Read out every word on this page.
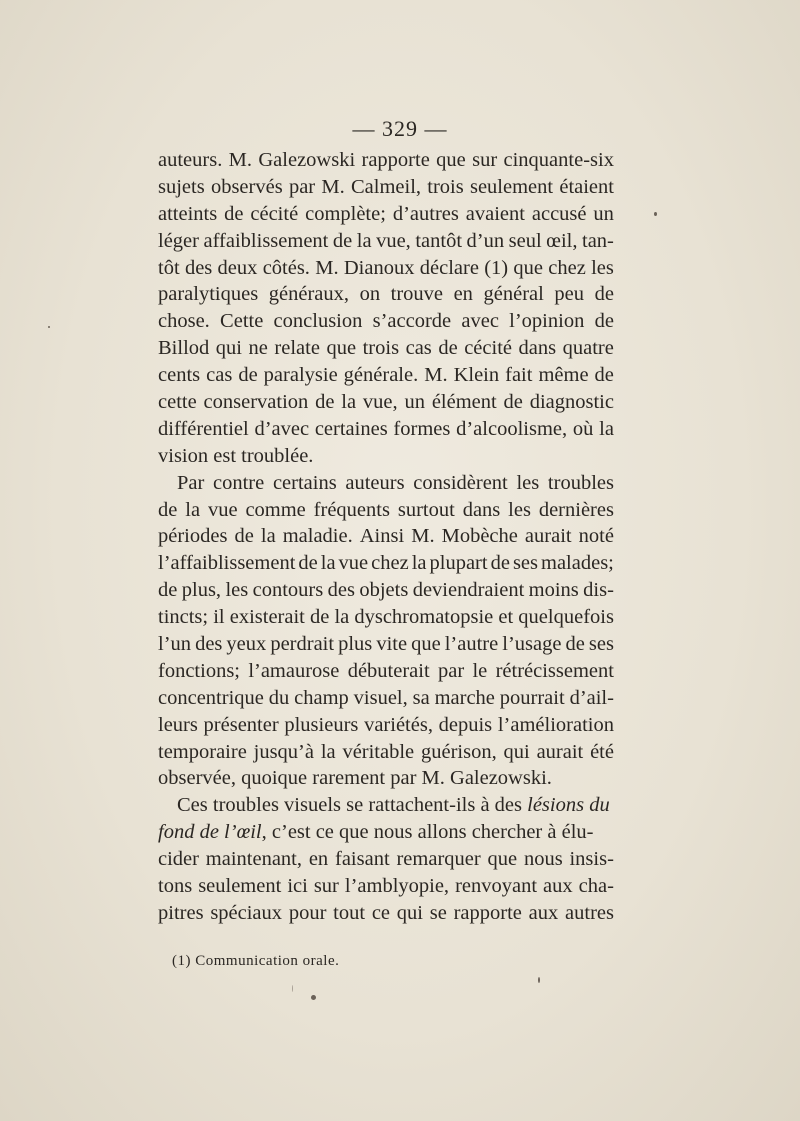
— 329 —
auteurs. M. Galezowski rapporte que sur cinquante-six
sujets observés par M. Calmeil, trois seulement étaient
atteints de cécité complète; d’autres avaient accusé un
léger affaiblissement de la vue, tantôt d’un seul œil, tan-
tôt des deux côtés. M. Dianoux déclare (1) que chez les
paralytiques généraux, on trouve en général peu de
chose. Cette conclusion s’accorde avec l’opinion de
Billod qui ne relate que trois cas de cécité dans quatre
cents cas de paralysie générale. M. Klein fait même de
cette conservation de la vue, un élément de diagnostic
différentiel d’avec certaines formes d’alcoolisme, où la
vision est troublée.
Par contre certains auteurs considèrent les troubles
de la vue comme fréquents surtout dans les dernières
périodes de la maladie. Ainsi M. Mobèche aurait noté
l’affaiblissement de la vue chez la plupart de ses malades;
de plus, les contours des objets deviendraient moins dis-
tincts; il existerait de la dyschromatopsie et quelquefois
l’un des yeux perdrait plus vite que l’autre l’usage de ses
fonctions; l’amaurose débuterait par le rétrécissement
concentrique du champ visuel, sa marche pourrait d’ail-
leurs présenter plusieurs variétés, depuis l’amélioration
temporaire jusqu’à la véritable guérison, qui aurait été
observée, quoique rarement par M. Galezowski.
Ces troubles visuels se rattachent-ils à des lésions du
fond de l’œil, c’est ce que nous allons chercher à élu-
cider maintenant, en faisant remarquer que nous insis-
tons seulement ici sur l’amblyopie, renvoyant aux cha-
pitres spéciaux pour tout ce qui se rapporte aux autres
(1) Communication orale.
